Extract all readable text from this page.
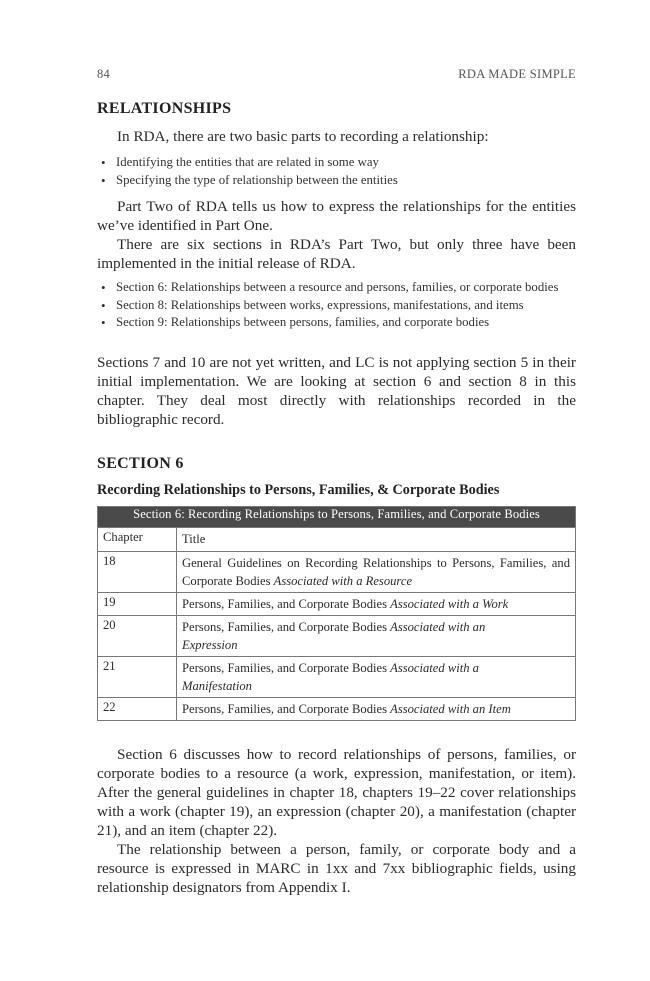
84	RDA MADE SIMPLE
RELATIONSHIPS

In RDA, there are two basic parts to recording a relationship:

• Identifying the entities that are related in some way
• Specifying the type of relationship between the entities

Part Two of RDA tells us how to express the relationships for the entities we’ve identified in Part One.

There are six sections in RDA’s Part Two, but only three have been implemented in the initial release of RDA.

• Section 6: Relationships between a resource and persons, families, or corporate bodies
• Section 8: Relationships between works, expressions, manifestations, and items
• Section 9: Relationships between persons, families, and corporate bodies

Sections 7 and 10 are not yet written, and LC is not applying section 5 in their initial implementation. We are looking at section 6 and section 8 in this chapter. They deal most directly with relationships recorded in the bibliographic record.

SECTION 6
Recording Relationships to Persons, Families, & Corporate Bodies
Section 6: Recording Relationships to Persons, Families, and Corporate Bodies	
Chapter	Title
18	General Guidelines on Recording Relationships to Persons, Families, and Corporate Bodies Associated with a Resource

19	Persons, Families, and Corporate Bodies Associated with a Work

20	Persons, Families, and Corporate Bodies Associated with an Expression

21	Persons, Families, and Corporate Bodies Associated with a Manifestation

22	Persons, Families, and Corporate Bodies Associated with an Item

Section 6 discusses how to record relationships of persons, families, or corporate bodies to a resource (a work, expression, manifestation, or item). After the general guidelines in chapter 18, chapters 19–22 cover relationships with a work (chapter 19), an expression (chapter 20), a manifestation (chapter 21), and an item (chapter 22).

The relationship between a person, family, or corporate body and a resource is expressed in MARC in 1xx and 7xx bibliographic fields, using relationship designators from Appendix I.
